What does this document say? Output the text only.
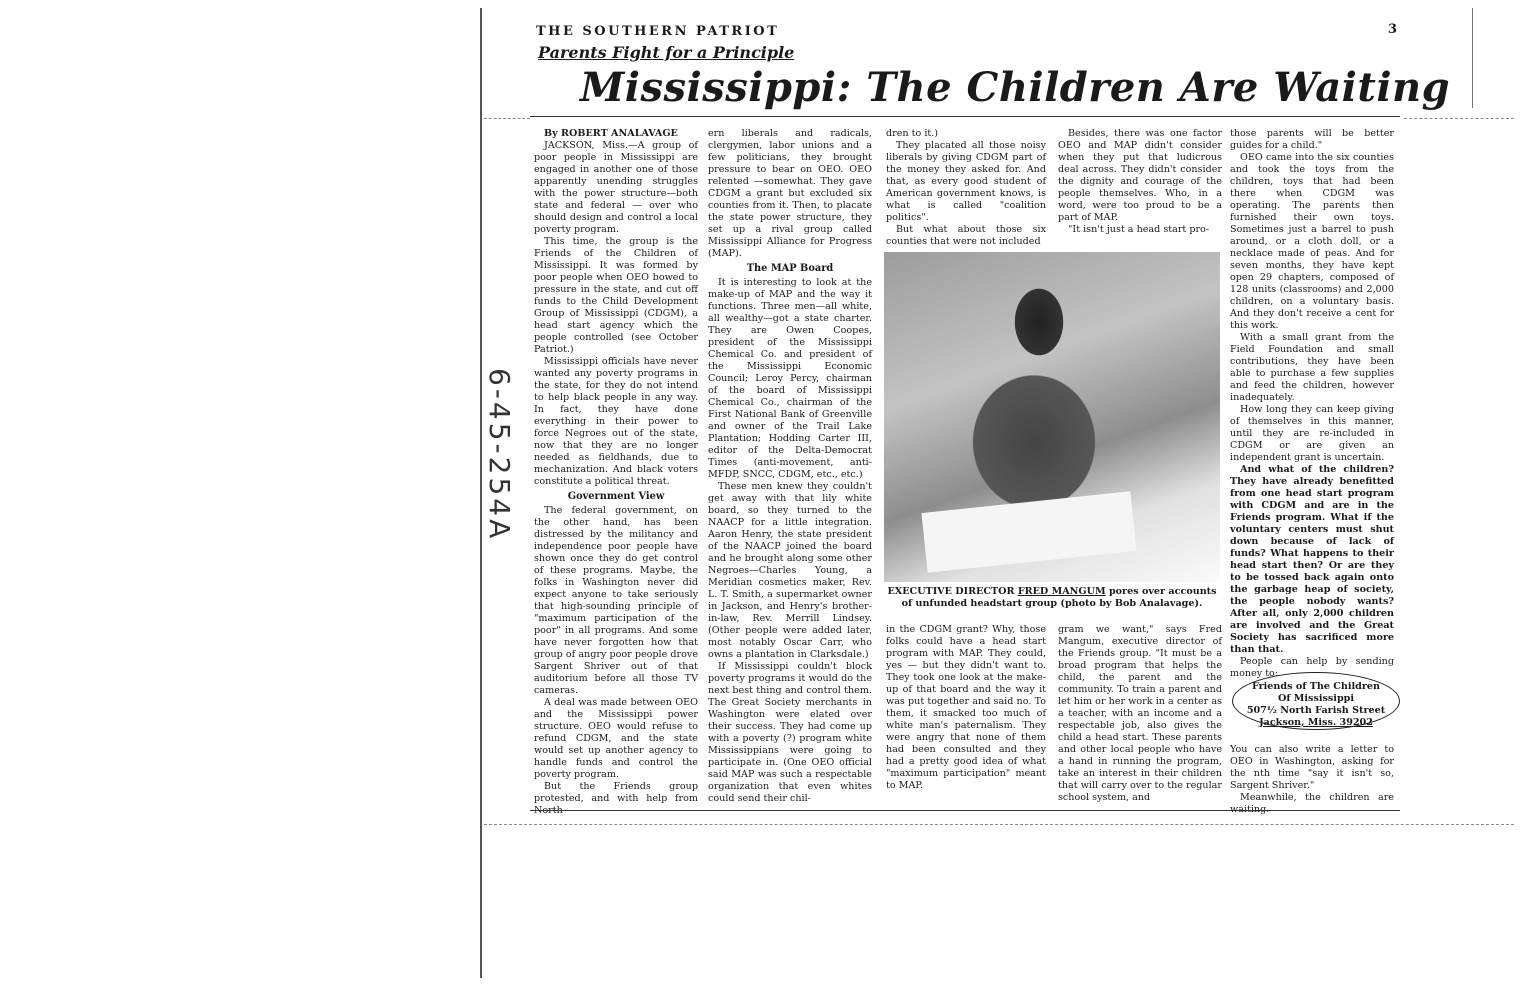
THE SOUTHERN PATRIOT	3
Parents Fight for a Principle
Mississippi: The Children Are Waiting
6-45-254A

By ROBERT ANALAVAGE

JACKSON, Miss.—A group of poor people in Mississippi are engaged in another one of those apparently unending struggles with the power structure—both state and federal — over who should design and control a local poverty program.

This time, the group is the Friends of the Children of Mississippi. It was formed by poor people when OEO bowed to pressure in the state, and cut off funds to the Child Development Group of Mississippi (CDGM), a head start agency which the people controlled (see October Patriot.)

Mississippi officials have never wanted any poverty programs in the state, for they do not intend to help black people in any way. In fact, they have done everything in their power to force Negroes out of the state, now that they are no longer needed as fieldhands, due to mechanization. And black voters constitute a political threat.

Government View

The federal government, on the other hand, has been distressed by the militancy and independence poor people have shown once they do get control of these programs. Maybe, the folks in Washington never did expect anyone to take seriously that high-sounding principle of "maximum participation of the poor" in all programs. And some have never forgotten how that group of angry poor people drove Sargent Shriver out of that auditorium before all those TV cameras.

A deal was made between OEO and the Mississippi power structure. OEO would refuse to refund CDGM, and the state would set up another agency to handle funds and control the poverty program.

But the Friends group protested, and with help from

ern liberals and radicals, clergymen, labor unions and a few politicians, they brought pressure to bear on OEO. OEO relented —somewhat. They gave CDGM a grant but excluded six counties from it. Then, to placate the state power structure, they set up a rival group called Mississippi Alliance for Progress (MAP).

The MAP Board

It is interesting to look at the make-up of MAP and the way it functions. Three men—all white, all wealthy—got a state charter. They are Owen Coopes, president of the Mississippi Chemical Co. and president of the Mississippi Economic Council; Leroy Percy, chairman of the board of Mississippi Chemical Co., chairman of the First National Bank of Greenville and owner of the Trail Lake Plantation; Hodding Carter III, editor of the Delta-Democrat Times (anti-movement, anti-MFDP, SNCC, CDGM, etc., etc.)

These men knew they couldn't get away with that lily white board, so they turned to the NAACP for a little integration. Aaron Henry, the state president of the NAACP joined the board and he brought along some other Negroes—Charles Young, a Meridian cosmetics maker, Rev. L. T. Smith, a supermarket owner in Jackson, and Henry's brother-in-law, Rev. Merrill Lindsey. (Other people were added later, most notably Oscar Carr, who owns a plantation in Clarksdale.)

If Mississippi couldn't block poverty programs it would do the next best thing and control them. The Great Society merchants in Washington were elated over their success. They had come up with a poverty (?) program white Mississippians were going to participate in. (One OEO official said MAP was such a respectable organization that even whites could send their chil-

dren to it.)

They placated all those noisy liberals by giving CDGM part of the money they asked for. And that, as every good student of American government knows, is what is called "coalition politics".

But what about those six counties that were not included

Besides, there was one factor OEO and MAP didn't consider when they put that ludicrous deal across. They didn't consider the dignity and courage of the people themselves. Who, in a word, were too proud to be a part of MAP.

"It isn't just a head start pro-

EXECUTIVE DIRECTOR FRED MANGUM pores over accounts of unfunded headstart group (photo by Bob Analavage).

in the CDGM grant? Why, those folks could have a head start program with MAP. They could, yes — but they didn't want to. They took one look at the make-up of that board and the way it was put together and said no. To them, it smacked too much of white man's paternalism. They were angry that none of them had been consulted and they had a pretty good idea of what "maximum participation" meant to MAP.

gram we want," says Fred Mangum, executive director of the Friends group. "It must be a broad program that helps the child, the parent and the community. To train a parent and let him or her work in a center as a teacher, with an income and a respectable job, also gives the child a head start. These parents and other local people who have a hand in running the program, take an interest in their children that will carry over to the regular school system, and

those parents will be better guides for a child."

OEO came into the six counties and took the toys from the children, toys that had been there when CDGM was operating. The parents then furnished their own toys. Sometimes just a barrel to push around, or a cloth doll, or a necklace made of peas. And for seven months, they have kept open 29 chapters, composed of 128 units (classrooms) and 2,000 children, on a voluntary basis. And they don't receive a cent for this work.

With a small grant from the Field Foundation and small contributions, they have been able to purchase a few supplies and feed the children, however inadequately.

How long they can keep giving of themselves in this manner, until they are re-included in CDGM or are given an independent grant is uncertain.

And what of the children? They have already benefitted from one head start program with CDGM and are in the Friends program. What if the voluntary centers must shut down because of lack of funds? What happens to their head start then? Or are they to be tossed back again onto the garbage heap of society, the people nobody wants? After all, only 2,000 children are involved and the Great Society has sacrificed more than that.

People can help by sending money to:

You can also write a letter to OEO in Washington, asking for the nth time "say it isn't so, Sargent Shriver."

Meanwhile, the children are

Friends of The Children
Of Mississippi
507½ North Farish Street
Jackson, Miss. 39202
